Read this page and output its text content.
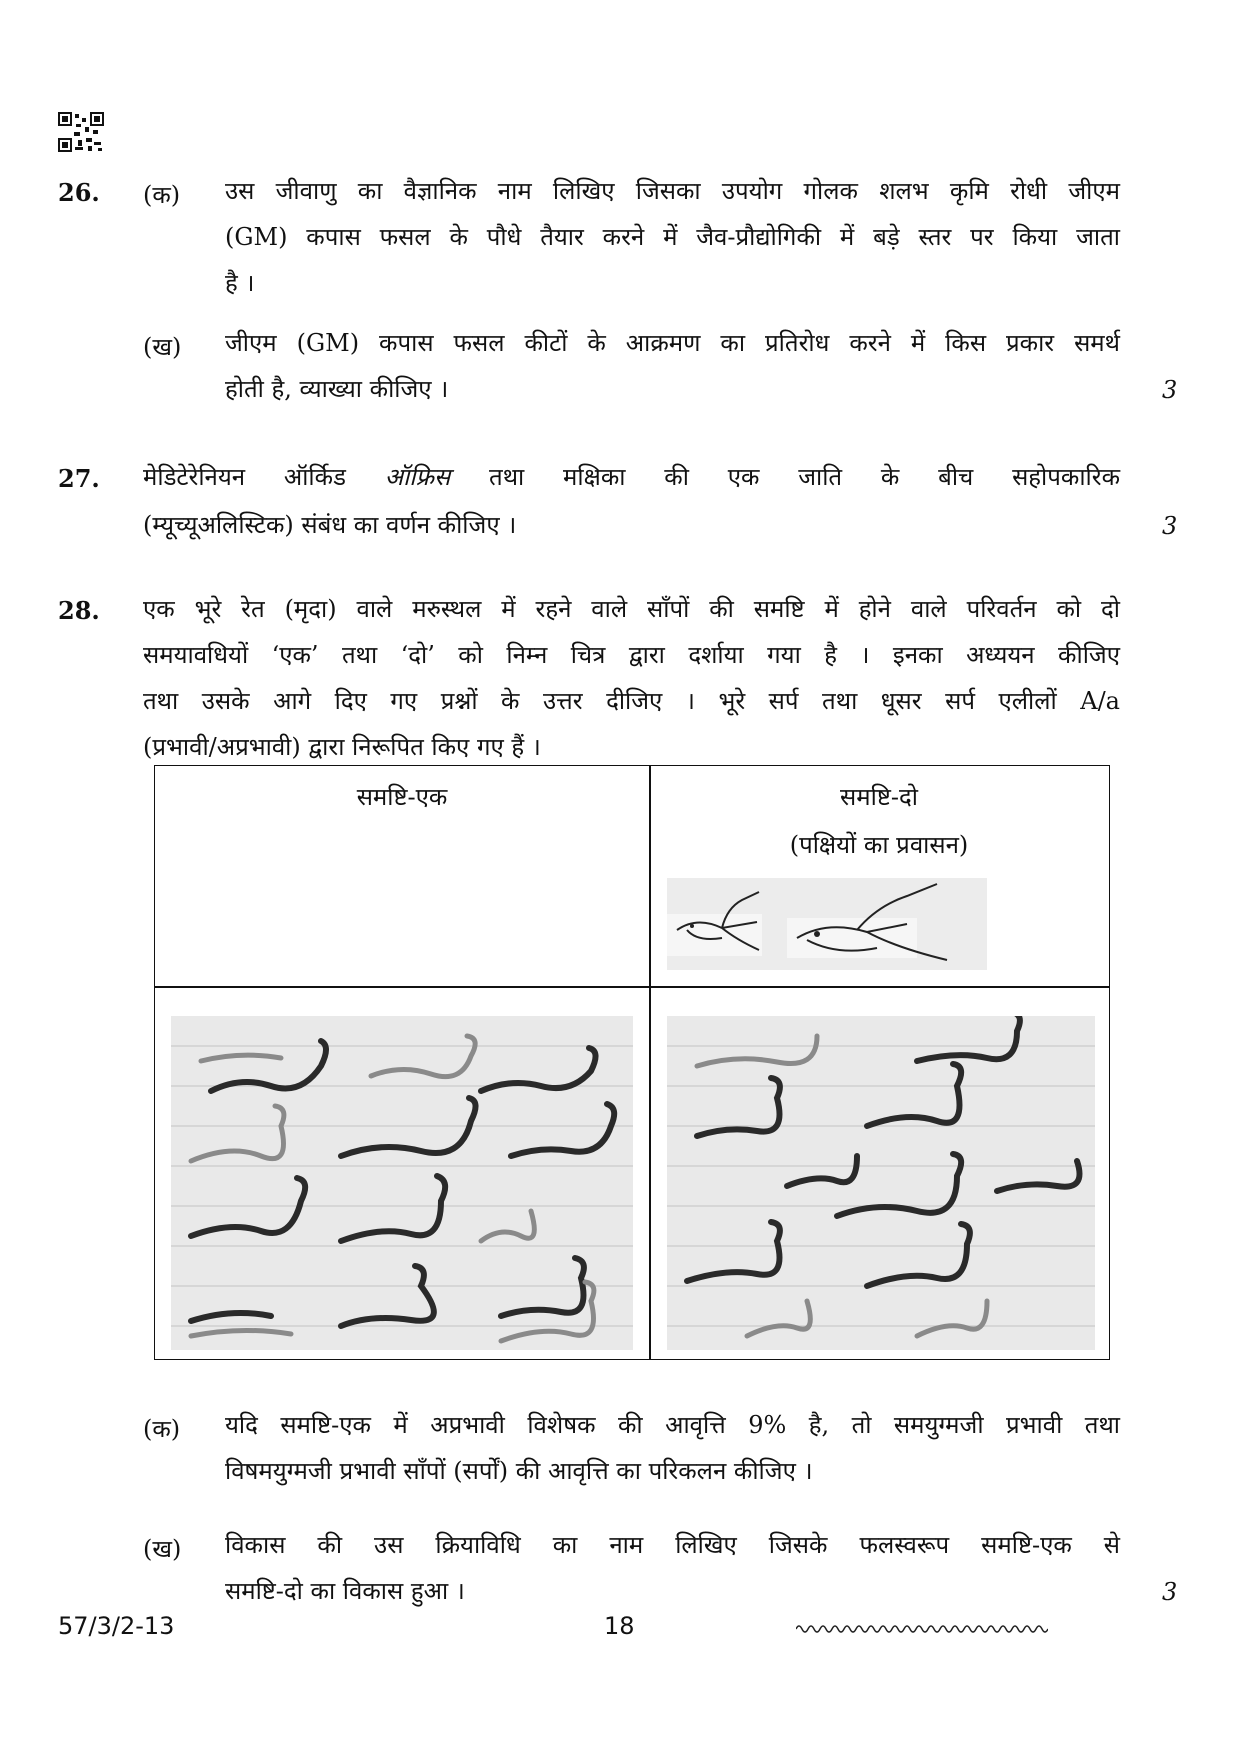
26. (क) उस जीवाणु का वैज्ञानिक नाम लिखिए जिसका उपयोग गोलक शलभ कृमि रोधी जीएम
(GM) कपास फसल के पौधे तैयार करने में जैव-प्रौद्योगिकी में बड़े स्तर पर किया जाता
है ।
(ख) जीएम (GM) कपास फसल कीटों के आक्रमण का प्रतिरोध करने में किस प्रकार समर्थ
होती है, व्याख्या कीजिए ।	3
27. मेडिटेरेनियन ऑर्किड ऑफ्रिस तथा मक्षिका की एक जाति के बीच सहोपकारिक
(म्यूच्यूअलिस्टिक) संबंध का वर्णन कीजिए ।	3
28. एक भूरे रेत (मृदा) वाले मरुस्थल में रहने वाले साँपों की समष्टि में होने वाले परिवर्तन को दो
समयावधियों ‘एक’ तथा ‘दो’ को निम्न चित्र द्वारा दर्शाया गया है । इनका अध्ययन कीजिए
तथा उसके आगे दिए गए प्रश्नों के उत्तर दीजिए । भूरे सर्प तथा धूसर सर्प एलीलों A/a
(प्रभावी/अप्रभावी) द्वारा निरूपित किए गए हैं ।
समष्टि-एक	समष्टि-दो
(पक्षियों का प्रवासन)
(क) यदि समष्टि-एक में अप्रभावी विशेषक की आवृत्ति 9% है, तो समयुग्मजी प्रभावी तथा
विषमयुग्मजी प्रभावी साँपों (सर्पों) की आवृत्ति का परिकलन कीजिए ।
(ख) विकास की उस क्रियाविधि का नाम लिखिए जिसके फलस्वरूप समष्टि-एक से
समष्टि-दो का विकास हुआ ।	3
57/3/2-13	18
